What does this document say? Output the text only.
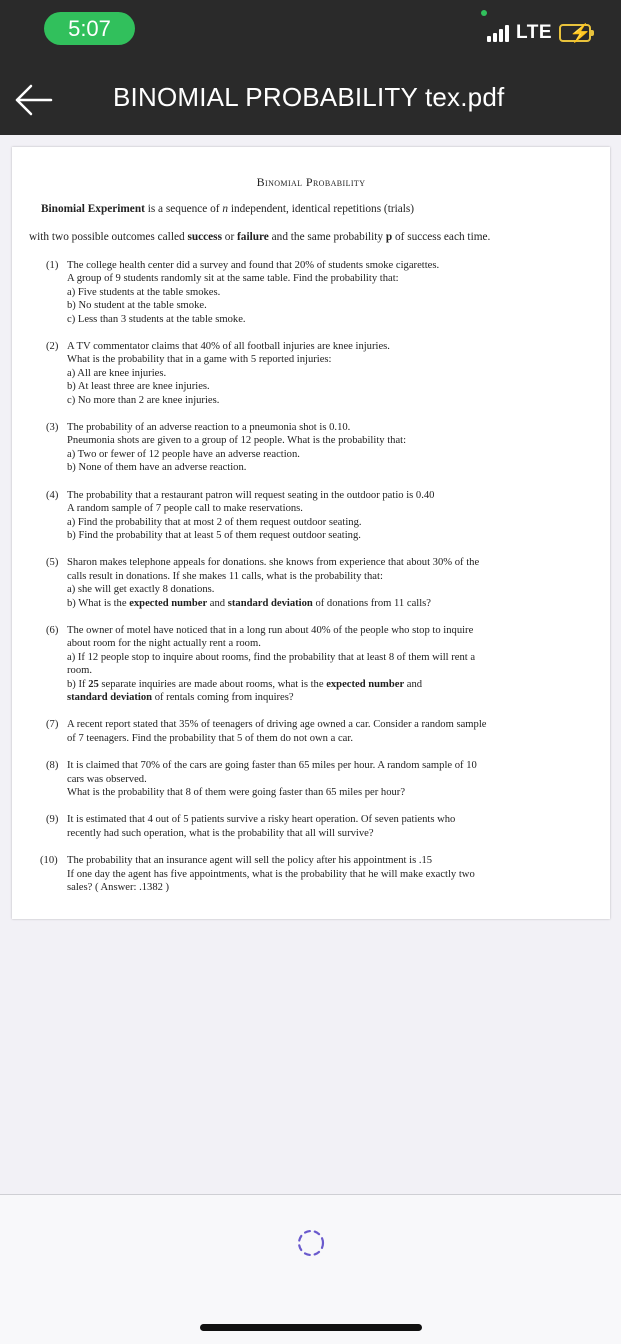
5:07	LTE ⚡
BINOMIAL PROBABILITY tex.pdf
Binomial Probability
Binomial Experiment is a sequence of n independent, identical repetitions (trials)
with two possible outcomes called success or failure and the same probability p of success each time.
(1) The college health center did a survey and found that 20% of students smoke cigarettes.

A group of 9 students randomly sit at the same table. Find the probability that:

a) Five students at the table smokes.

b) No student at the table smoke.

c) Less than 3 students at the table smoke.

(2) A TV commentator claims that 40% of all football injuries are knee injuries.

What is the probability that in a game with 5 reported injuries:

a) All are knee injuries.

b) At least three are knee injuries.

c) No more than 2 are knee injuries.

(3) The probability of an adverse reaction to a pneumonia shot is 0.10.

Pneumonia shots are given to a group of 12 people. What is the probability that:

a) Two or fewer of 12 people have an adverse reaction.

b) None of them have an adverse reaction.

(4) The probability that a restaurant patron will request seating in the outdoor patio is 0.40

A random sample of 7 people call to make reservations.

a) Find the probability that at most 2 of them request outdoor seating.

b) Find the probability that at least 5 of them request outdoor seating.

(5) Sharon makes telephone appeals for donations. she knows from experience that about 30% of the

calls result in donations. If she makes 11 calls, what is the probability that:

a) she will get exactly 8 donations.

b) What is the expected number and standard deviation of donations from 11 calls?

(6) The owner of motel have noticed that in a long run about 40% of the people who stop to inquire

about room for the night actually rent a room.

a) If 12 people stop to inquire about rooms, find the probability that at least 8 of them will rent a

room.

b) If 25 separate inquiries are made about rooms, what is the expected number and

standard deviation of rentals coming from inquires?

(7) A recent report stated that 35% of teenagers of driving age owned a car. Consider a random sample

of 7 teenagers. Find the probability that 5 of them do not own a car.

(8) It is claimed that 70% of the cars are going faster than 65 miles per hour. A random sample of 10

cars was observed.

What is the probability that 8 of them were going faster than 65 miles per hour?

(9) It is estimated that 4 out of 5 patients survive a risky heart operation. Of seven patients who

recently had such operation, what is the probability that all will survive?

(10) The probability that an insurance agent will sell the policy after his appointment is .15

If one day the agent has five appointments, what is the probability that he will make exactly two

sales? ( Answer: .1382 )
